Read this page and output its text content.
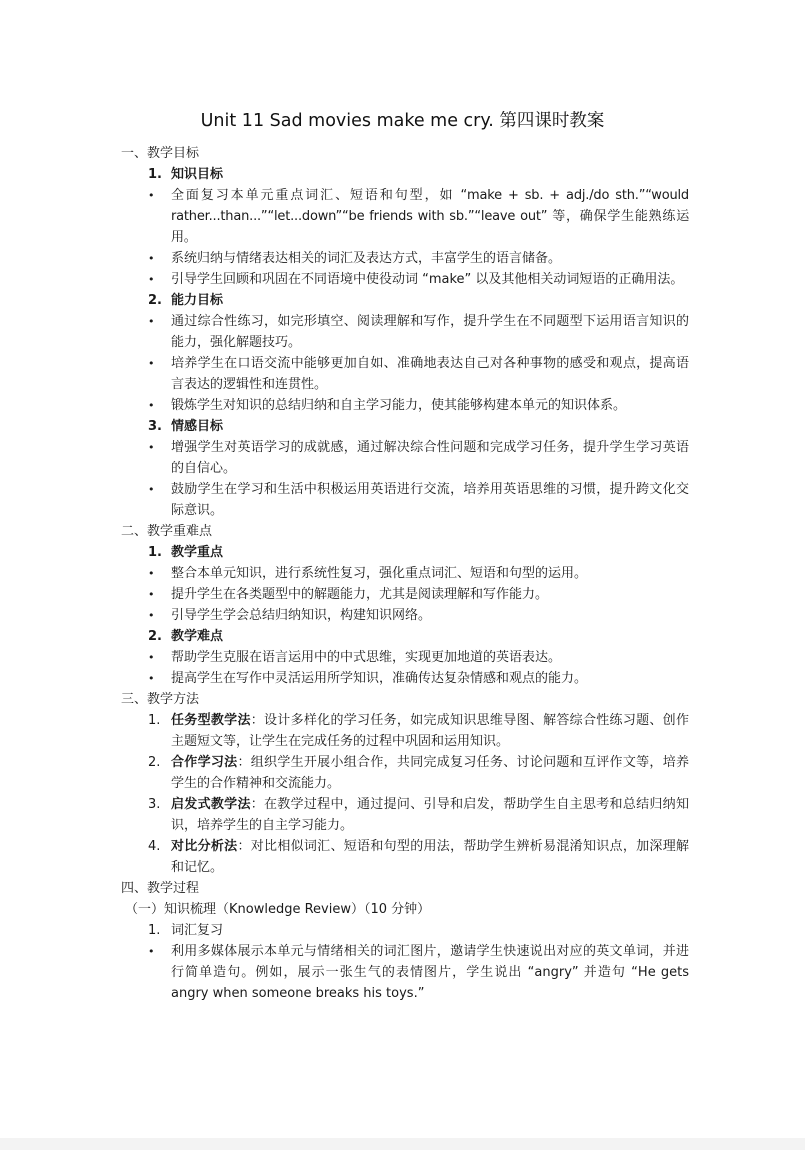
Unit 11 Sad movies make me cry. 第四课时教案
一、教学目标
1. 知识目标
• 全面复习本单元重点词汇、短语和句型，如 “make + sb. + adj./do sth.”“would rather...than...”“let...down”“be friends with sb.”“leave out” 等，确保学生能熟练运用。
• 系统归纳与情绪表达相关的词汇及表达方式，丰富学生的语言储备。
• 引导学生回顾和巩固在不同语境中使役动词 “make” 以及其他相关动词短语的正确用法。
2. 能力目标
• 通过综合性练习，如完形填空、阅读理解和写作，提升学生在不同题型下运用语言知识的能力，强化解题技巧。
• 培养学生在口语交流中能够更加自如、准确地表达自己对各种事物的感受和观点，提高语言表达的逻辑性和连贯性。
• 锻炼学生对知识的总结归纳和自主学习能力，使其能够构建本单元的知识体系。
3. 情感目标
• 增强学生对英语学习的成就感，通过解决综合性问题和完成学习任务，提升学生学习英语的自信心。
• 鼓励学生在学习和生活中积极运用英语进行交流，培养用英语思维的习惯，提升跨文化交际意识。
二、教学重难点
1. 教学重点
• 整合本单元知识，进行系统性复习，强化重点词汇、短语和句型的运用。
• 提升学生在各类题型中的解题能力，尤其是阅读理解和写作能力。
• 引导学生学会总结归纳知识，构建知识网络。
2. 教学难点
• 帮助学生克服在语言运用中的中式思维，实现更加地道的英语表达。
• 提高学生在写作中灵活运用所学知识，准确传达复杂情感和观点的能力。
三、教学方法
1. 任务型教学法：设计多样化的学习任务，如完成知识思维导图、解答综合性练习题、创作主题短文等，让学生在完成任务的过程中巩固和运用知识。
2. 合作学习法：组织学生开展小组合作，共同完成复习任务、讨论问题和互评作文等，培养学生的合作精神和交流能力。
3. 启发式教学法：在教学过程中，通过提问、引导和启发，帮助学生自主思考和总结归纳知识，培养学生的自主学习能力。
4. 对比分析法：对比相似词汇、短语和句型的用法，帮助学生辨析易混淆知识点，加深理解和记忆。
四、教学过程
（一）知识梳理（Knowledge Review）（10 分钟）
1. 词汇复习
• 利用多媒体展示本单元与情绪相关的词汇图片，邀请学生快速说出对应的英文单词，并进行简单造句。例如，展示一张生气的表情图片，学生说出 “angry” 并造句 “He gets angry when someone breaks his toys.”
